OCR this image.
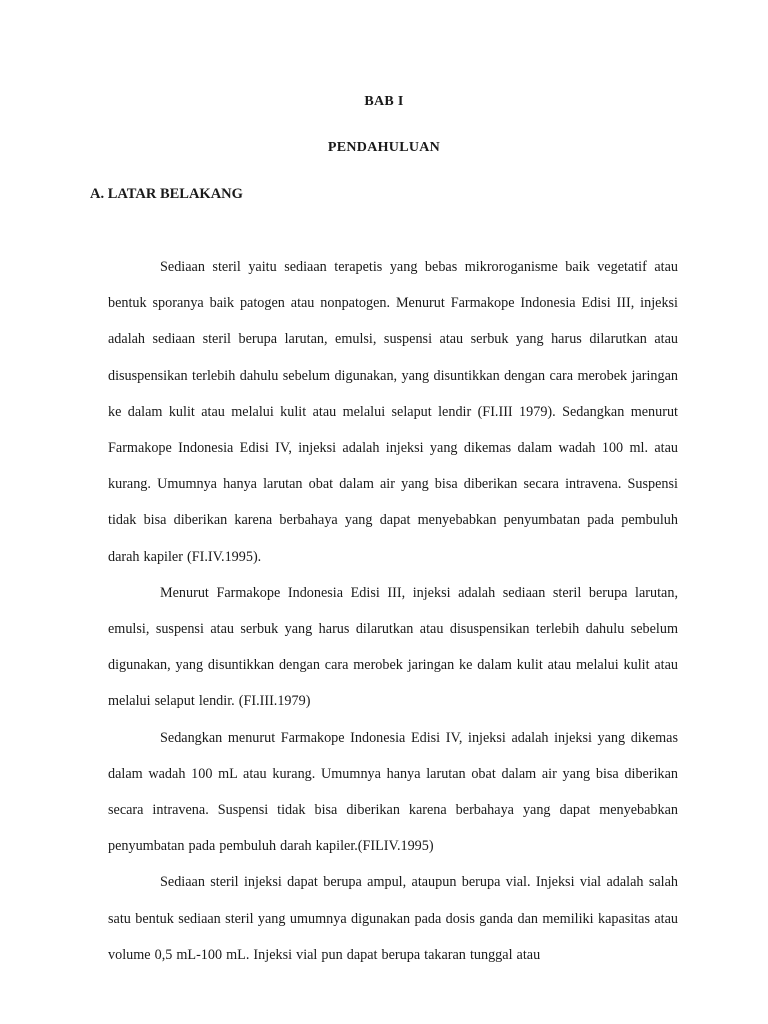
BAB I
PENDAHULUAN
A. LATAR BELAKANG

Sediaan steril yaitu sediaan terapetis yang bebas mikroroganisme baik vegetatif atau bentuk sporanya baik patogen atau nonpatogen. Menurut Farmakope Indonesia Edisi III, injeksi adalah sediaan steril berupa larutan, emulsi, suspensi atau serbuk yang harus dilarutkan atau disuspensikan terlebih dahulu sebelum digunakan, yang disuntikkan dengan cara merobek jaringan ke dalam kulit atau melalui kulit atau melalui selaput lendir (FI.III 1979). Sedangkan menurut Farmakope Indonesia Edisi IV, injeksi adalah injeksi yang dikemas dalam wadah 100 ml. atau kurang. Umumnya hanya larutan obat dalam air yang bisa diberikan secara intravena. Suspensi tidak bisa diberikan karena berbahaya yang dapat menyebabkan penyumbatan pada pembuluh darah kapiler (FI.IV.1995).

Menurut Farmakope Indonesia Edisi III, injeksi adalah sediaan steril berupa larutan, emulsi, suspensi atau serbuk yang harus dilarutkan atau disuspensikan terlebih dahulu sebelum digunakan, yang disuntikkan dengan cara merobek jaringan ke dalam kulit atau melalui kulit atau melalui selaput lendir. (FI.III.1979)

Sedangkan menurut Farmakope Indonesia Edisi IV, injeksi adalah injeksi yang dikemas dalam wadah 100 mL atau kurang. Umumnya hanya larutan obat dalam air yang bisa diberikan secara intravena. Suspensi tidak bisa diberikan karena berbahaya yang dapat menyebabkan penyumbatan pada pembuluh darah kapiler.(FILIV.1995)

Sediaan steril injeksi dapat berupa ampul, ataupun berupa vial. Injeksi vial adalah salah satu bentuk sediaan steril yang umumnya digunakan pada dosis ganda dan memiliki kapasitas atau volume 0,5 mL-100 mL. Injeksi vial pun dapat berupa takaran tunggal atau
